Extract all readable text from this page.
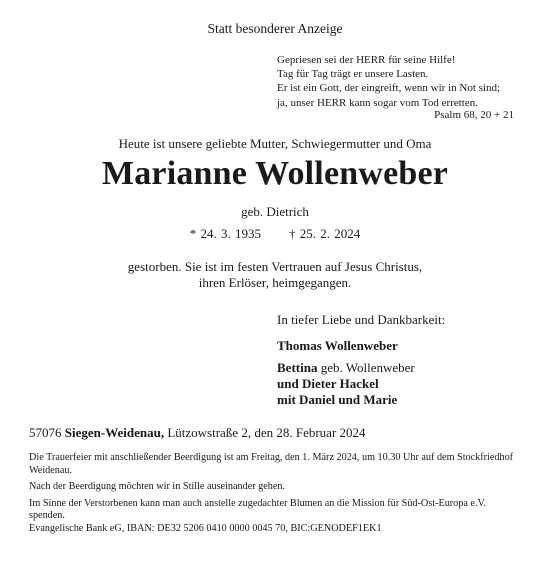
Statt besonderer Anzeige
Gepriesen sei der HERR für seine Hilfe!
Tag für Tag trägt er unsere Lasten.
Er ist ein Gott, der eingreift, wenn wir in Not sind;
ja, unser HERR kann sogar vom Tod erretten.
Psalm 68, 20 + 21
Heute ist unsere geliebte Mutter, Schwiegermutter und Oma
Marianne Wollenweber
geb. Dietrich
* 24. 3. 1935 † 25. 2. 2024
gestorben. Sie ist im festen Vertrauen auf Jesus Christus,
ihren Erlöser, heimgegangen.
In tiefer Liebe und Dankbarkeit:
Thomas Wollenweber
Bettina geb. Wollenweber
und Dieter Hackel
mit Daniel und Marie
57076 Siegen-Weidenau, Lützowstraße 2, den 28. Februar 2024

Die Trauerfeier mit anschließender Beerdigung ist am Freitag, den 1. März 2024, um 10.30 Uhr auf dem Stockfriedhof Weidenau.

Nach der Beerdigung möchten wir in Stille auseinander gehen.

Im Sinne der Verstorbenen kann man auch anstelle zugedachter Blumen an die Mission für Süd-Ost-Europa e.V. spenden.

Evangelische Bank eG, IBAN: DE32 5206 0410 0000 0045 70, BIC:GENODEF1EK1
